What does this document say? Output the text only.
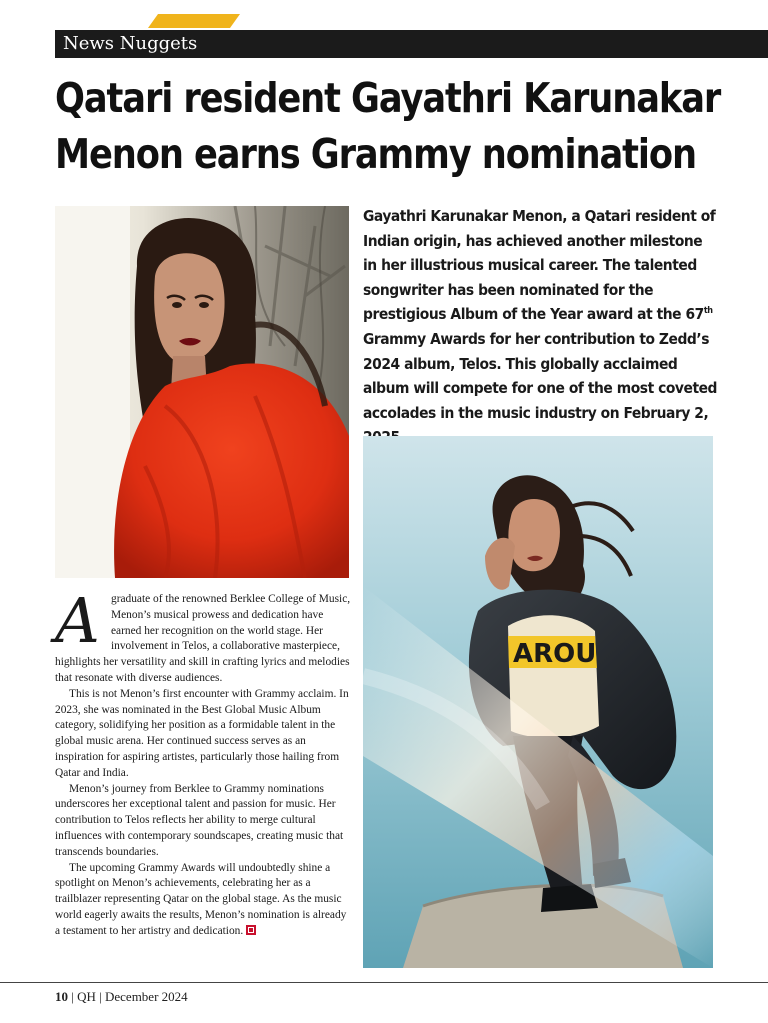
News Nuggets
Qatari resident Gayathri Karunakar
Menon earns Grammy nomination

Gayathri Karunakar Menon, a Qatari resident of Indian origin, has achieved another milestone in her illustrious musical career. The talented songwriter has been nominated for the prestigious Album of the Year award at the 67th Grammy Awards for her contribution to Zedd’s 2024 album, Telos. This globally acclaimed album will compete for one of the most coveted accolades in the music industry on February 2,

AROU
A graduate of the renowned Berklee College of Music, Menon’s musical prowess and dedication have earned her recognition on the world stage. Her involvement in Telos, a collaborative masterpiece, highlights her versatility and skill in crafting lyrics and melodies that resonate with diverse audiences.

This is not Menon’s first encounter with Grammy acclaim. In 2023, she was nominated in the Best Global Music Album category, solidifying her position as a formidable talent in the global music arena. Her continued success serves as an inspiration for aspiring artistes, particularly those hailing from Qatar and India.

Menon’s journey from Berklee to Grammy nominations underscores her exceptional talent and passion for music. Her contribution to Telos reflects her ability to merge cultural influences with contemporary soundscapes, creating music that transcends boundaries.

The upcoming Grammy Awards will undoubtedly shine a spotlight on Menon’s achievements, celebrating her as a trailblazer representing Qatar on the global stage. As the music world eagerly awaits the results, Menon’s nomination is already a testament to her artistry and dedication.

10 | QH | December 2024
